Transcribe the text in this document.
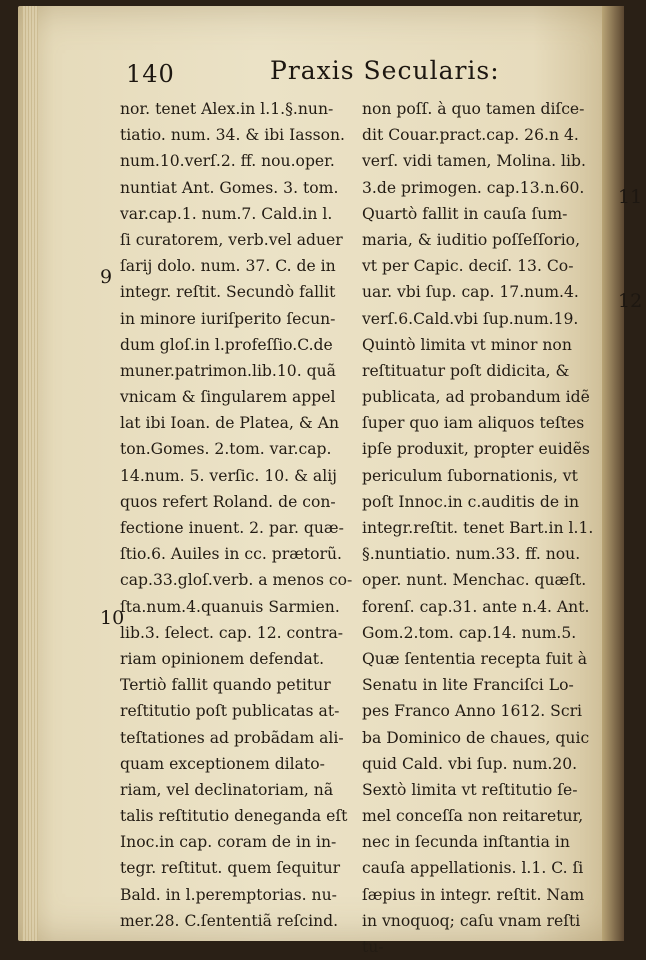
140	Praxis Secularis:
9
10
11
12
nor. tenet Alex.in l.1.§.nun-
tiatio. num. 34. & ibi Iasson.
num.10.verſ.2. ff. nou.oper.
nuntiat Ant. Gomes. 3. tom.
var.cap.1. num.7. Cald.in l.
ſi curatorem, verb.vel aduer
ſarij dolo. num. 37. C. de in
integr. reſtit. Secundò fallit
in minore iuriſperito ſecun-
dum gloſ.in l.profeſſio.C.de
muner.patrimon.lib.10. quã
vnicam & ſingularem appel
lat ibi Ioan. de Platea, & An
ton.Gomes. 2.tom. var.cap.
14.num. 5. verſic. 10. & alij
quos refert Roland. de con-
fectione inuent. 2. par. quæ-
ſtio.6. Auiles in cc. prætorũ.
cap.33.gloſ.verb. a menos co-
ſta.num.4.quanuis Sarmien.
lib.3. ſelect. cap. 12. contra-
riam opinionem defendat.
Tertiò fallit quando petitur
reſtitutio poſt publicatas at-
teſtationes ad probãdam ali-
quam exceptionem dilato-
riam, vel declinatoriam, nã
talis reſtitutio deneganda eſt
Inoc.in cap. coram de in in-
tegr. reſtitut. quem ſequitur
Bald. in l.peremptorias. nu-
mer.28. C.ſententiã reſcind.
non poſſ. à quo tamen diſce-
dit Couar.pract.cap. 26.n 4.
verſ. vidi tamen, Molina. lib.
3.de primogen. cap.13.n.60.
Quartò fallit in cauſa ſum-
maria, & iuditio poſſeſſorio,
vt per Capic. deciſ. 13. Co-
uar. vbi ſup. cap. 17.num.4.
verſ.6.Cald.vbi ſup.num.19.
Quintò limita vt minor non
reſtituatur poſt didicita, &
publicata, ad probandum idẽ
ſuper quo iam aliquos teſtes
ipſe produxit, propter euidẽs
periculum ſubornationis, vt
poſt Innoc.in c.auditis de in
integr.reſtit. tenet Bart.in l.1.
§.nuntiatio. num.33. ff. nou.
oper. nunt. Menchac. quæſt.
forenſ. cap.31. ante n.4. Ant.
Gom.2.tom. cap.14. num.5.
Quæ ſententia recepta fuit à
Senatu in lite Franciſci Lo-
pes Franco Anno 1612. Scri
ba Dominico de chaues, quic
quid Cald. vbi ſup. num.20.
Sextò limita vt reſtitutio ſe-
mel conceſſa non reitaretur,
nec in ſecunda inſtantia in
cauſa appellationis. l.1. C. ſi
ſæpius in integr. reſtit. Nam
in vnoquoq; caſu vnam reſti
tu-
